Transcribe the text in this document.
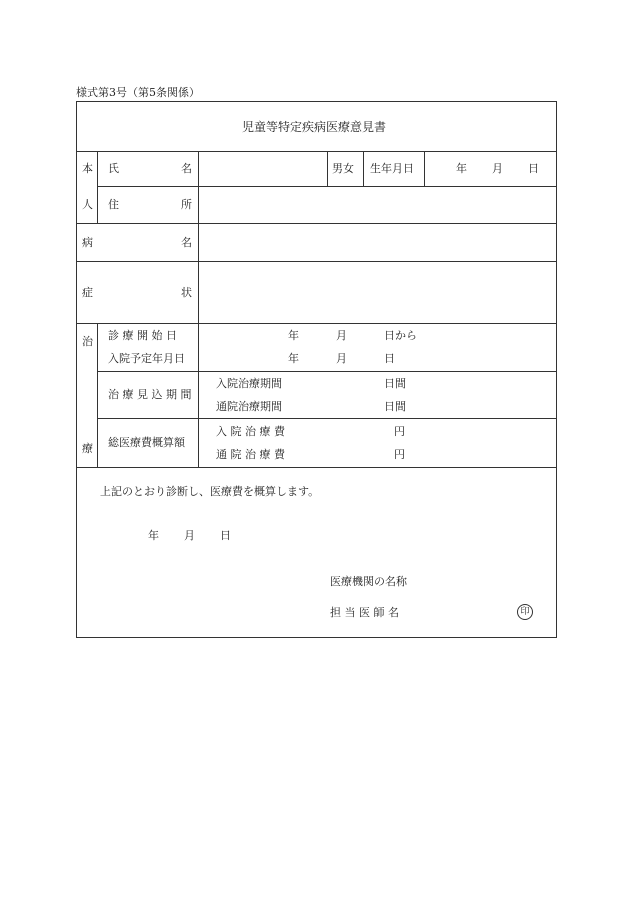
様式第3号（第5条関係）
児童等特定疾病医療意見書
本
人
氏	名	男女 生年月日	年 月 日
住	所
病	名
症	状
治
療
診 療 開 始 日	年	月	日から
入院予定年月日	年	月	日
治 療 見 込 期 間
入院治療期間	日間
通院治療期間	日間
総医療費概算額
入 院 治 療 費	円
通 院 治 療 費	円
上記のとおり診断し、医療費を概算します。
年 月 日
医療機関の名称
担 当 医 師 名	印
